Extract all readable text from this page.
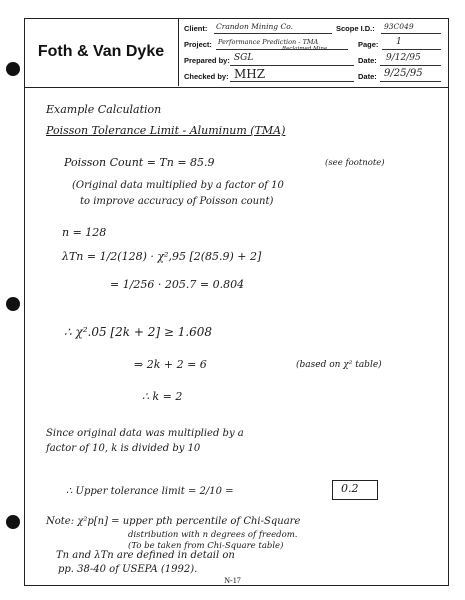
Foth & Van Dyke
Client: Crandon Mining Co.	Scope I.D.: 93C049
Project: Performance Prediction - TMA
Reclaimed Mine	Page: 1
Prepared by: SGL	Date: 9/12/95
Checked by: MHZ	Date: 9/25/95
Example Calculation
Poisson Tolerance Limit - Aluminum (TMA)
Poisson Count = Tn = 85.9	(see footnote)
(Original data multiplied by a factor of 10
to improve accuracy of Poisson count)
n = 128
λTn = 1/2(128) · χ²,95 [2(85.9) + 2]
= 1/256 · 205.7 = 0.804
∴ χ².05 [2k + 2] ≥ 1.608
⇒ 2k + 2 = 6	(based on χ² table)
∴ k = 2
Since original data was multiplied by a
factor of 10, k is divided by 10
∴ Upper tolerance limit = 2/10 =	0.2
Note: χ²p[n] = upper pth percentile of Chi-Square
distribution with n degrees of freedom.
(To be taken from Chi-Square table)
Tn and λTn are defined in detail on
pp. 38-40 of USEPA (1992).
N-17
